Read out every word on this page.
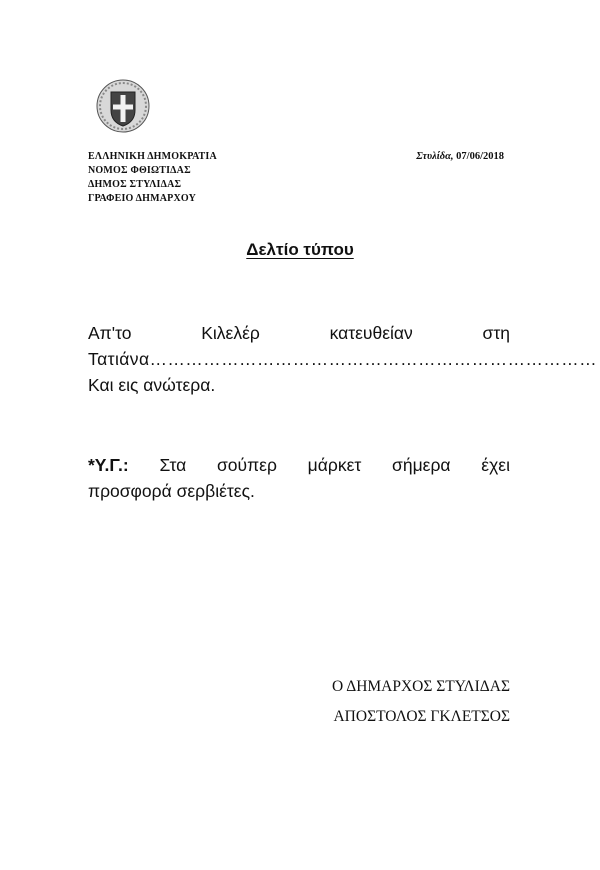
ΕΛΛΗΝΙΚΗ ΔΗΜΟΚΡΑΤΙΑ
ΝΟΜΟΣ ΦΘΙΩΤΙΔΑΣ
ΔΗΜΟΣ ΣΤΥΛΙΔΑΣ
ΓΡΑΦΕΙΟ ΔΗΜΑΡΧΟΥ
Στυλίδα, 07/06/2018
Δελτίο τύπου
Απ'το	Κιλελέρ	κατευθείαν	στη
Τατιάνα…………………………………………………………………
Και εις ανώτερα.
*Υ.Γ.: Στα σούπερ μάρκετ σήμερα έχει
προσφορά σερβιέτες.
Ο ΔΗΜΑΡΧΟΣ ΣΤΥΛΙΔΑΣ
ΑΠΟΣΤΟΛΟΣ ΓΚΛΕΤΣΟΣ
